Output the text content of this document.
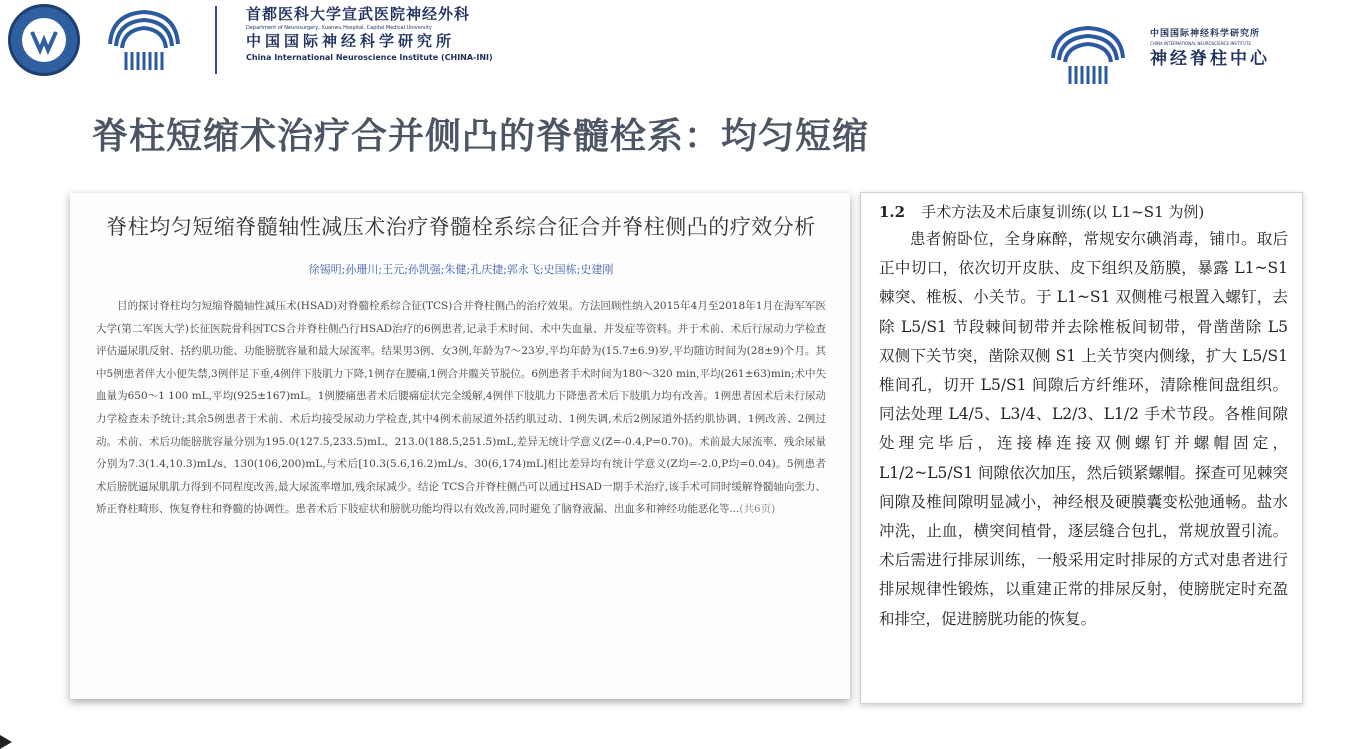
首都医科大学宣武医院神经外科
Department of Neurosurgery, Xuanwu Hospital, Capital Medical University
中国国际神经科学研究所
China International Neuroscience Institute (CHINA-INI)
中国国际神经科学研究所
CHINA INTERNATIONAL NEUROSCIENCE INSTITUTE
神经脊柱中心
脊柱短缩术治疗合并侧凸的脊髓栓系：均匀短缩
脊柱均匀短缩脊髓轴性减压术治疗脊髓栓系综合征合并脊柱侧凸的疗效分析
徐锡明;孙珊川;王元;孙凯强;朱健;孔庆捷;郭永飞;史国栋;史建刚

目的探讨脊柱均匀短缩脊髓轴性减压术(HSAD)对脊髓栓系综合征(TCS)合并脊柱侧凸的治疗效果。方法回顾性纳入2015年4月至2018年1月在海军军医大学(第二军医大学)长征医院骨科因TCS合并脊柱侧凸行HSAD治疗的6例患者,记录手术时间、术中失血量、并发症等资料。并于术前、术后行尿动力学检查评估逼尿肌反射、括约肌功能、功能膀胱容量和最大尿流率。结果男3例、女3例,年龄为7～23岁,平均年龄为(15.7±6.9)岁,平均随访时间为(28±9)个月。其中5例患者伴大小便失禁,3例伴足下垂,4例伴下肢肌力下降,1例存在腰痛,1例合并髋关节脱位。6例患者手术时间为180～320 min,平均(261±63)min;术中失血量为650～1 100 mL,平均(925±167)mL。1例腰痛患者术后腰痛症状完全缓解,4例伴下肢肌力下降患者术后下肢肌力均有改善。1例患者因术后未行尿动力学检查未予统计;其余5例患者于术前、术后均接受尿动力学检查,其中4例术前尿道外括约肌过动、1例失调,术后2例尿道外括约肌协调、1例改善、2例过动。术前、术后功能膀胱容量分别为195.0(127.5,233.5)mL、213.0(188.5,251.5)mL,差异无统计学意义(Z=-0.4,P=0.70)。术前最大尿流率、残余尿量分别为7.3(1.4,10.3)mL/s、130(106,200)mL,与术后[10.3(5.6,16.2)mL/s、30(6,174)mL]相比差异均有统计学意义(Z均=-2.0,P均=0.04)。5例患者术后膀胱逼尿肌肌力得到不同程度改善,最大尿流率增加,残余尿减少。结论 TCS合并脊柱侧凸可以通过HSAD一期手术治疗,该手术可同时缓解脊髓轴向张力、矫正脊柱畸形、恢复脊柱和脊髓的协调性。患者术后下肢症状和膀胱功能均得以有效改善,同时避免了脑脊液漏、出血多和神经功能恶化等...(共6页)

1.2 手术方法及术后康复训练(以 L1~S1 为例)

患者俯卧位，全身麻醉，常规安尔碘消毒，铺巾。取后正中切口，依次切开皮肤、皮下组织及筋膜，暴露 L1~S1 棘突、椎板、小关节。于 L1~S1 双侧椎弓根置入螺钉，去除 L5/S1 节段棘间韧带并去除椎板间韧带，骨凿凿除 L5 双侧下关节突，凿除双侧 S1 上关节突内侧缘，扩大 L5/S1 椎间孔，切开 L5/S1 间隙后方纤维环，清除椎间盘组织。同法处理 L4/5、L3/4、L2/3、L1/2 手术节段。各椎间隙处理完毕后，连接棒连接双侧螺钉并螺帽固定，L1/2~L5/S1 间隙依次加压，然后锁紧螺帽。探查可见棘突间隙及椎间隙明显减小，神经根及硬膜囊变松弛通畅。盐水冲洗，止血，横突间植骨，逐层缝合包扎，常规放置引流。术后需进行排尿训练，一般采用定时排尿的方式对患者进行排尿规律性锻炼，以重建正常的排尿反射，使膀胱定时充盈和排空，促进膀胱功能的恢复。
